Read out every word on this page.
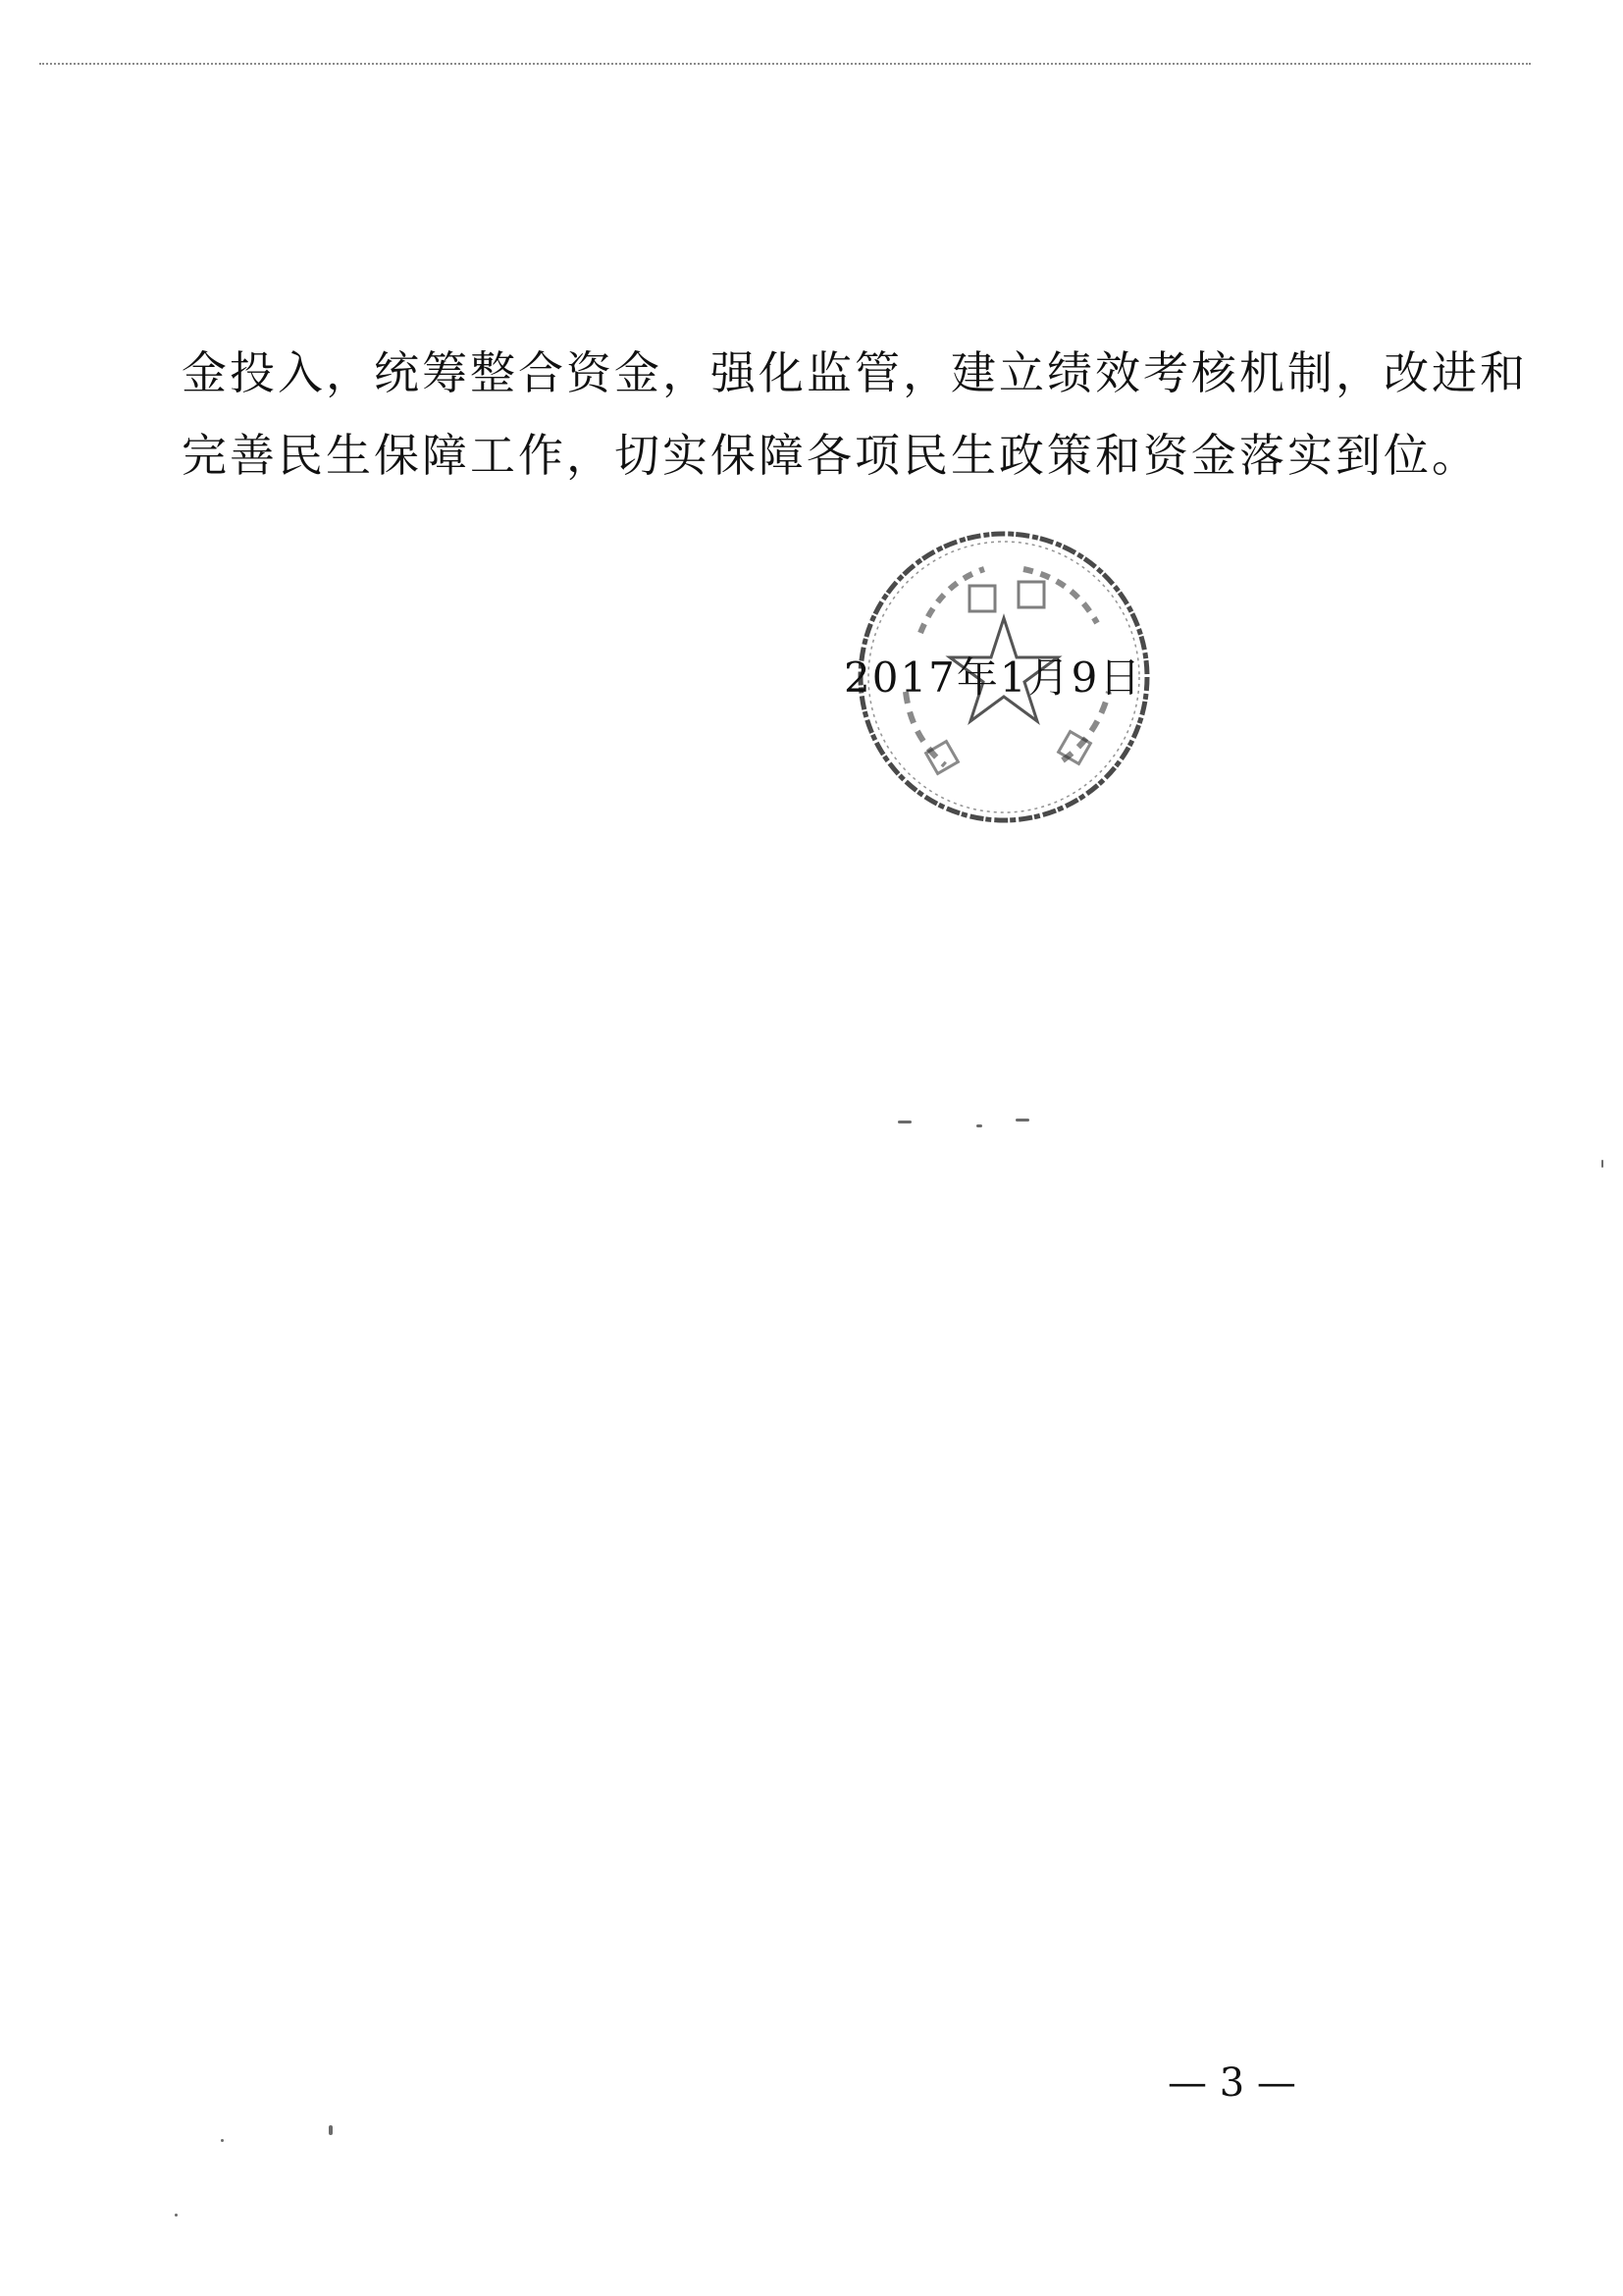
金投入，统筹整合资金，强化监管，建立绩效考核机制，改进和

完善民生保障工作，切实保障各项民生政策和资金落实到位。

2017年1月9日
— 3 —
